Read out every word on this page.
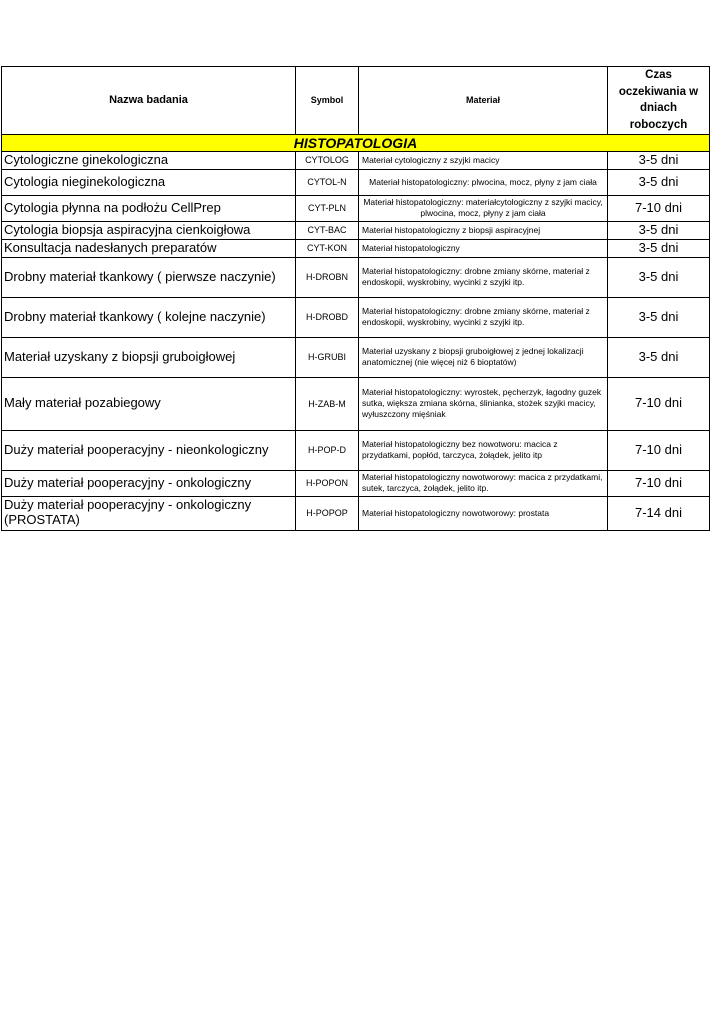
Nazwa badania	Symbol	Materiał	Czas oczekiwania w dniach roboczych
HISTOPATOLOGIA			
Cytologiczne ginekologiczna	CYTOLOG	Materiał cytologiczny z szyjki macicy	3-5 dni
Cytologia nieginekologiczna	CYTOL-N	Materiał histopatologiczny: plwocina, mocz, płyny z jam ciała	3-5 dni
Cytologia płynna na podłożu CellPrep	CYT-PLN	Materiał histopatologiczny: materiałcytologiczny z szyjki macicy, plwocina, mocz, płyny z jam ciała	7-10 dni
Cytologia biopsja aspiracyjna cienkoigłowa	CYT-BAC	Materiał histopatologiczny z biopsji aspiracyjnej	3-5 dni
Konsultacja nadesłanych preparatów	CYT-KON	Materiał histopatologiczny	3-5 dni
Drobny materiał tkankowy ( pierwsze naczynie)	H-DROBN	Materiał histopatologiczny: drobne zmiany skórne, materiał z endoskopii, wyskrobiny, wycinki z szyjki itp.	3-5 dni
Drobny materiał tkankowy ( kolejne naczynie)	H-DROBD	Materiał histopatologiczny: drobne zmiany skórne, materiał z endoskopii, wyskrobiny, wycinki z szyjki itp.	3-5 dni
Materiał uzyskany z biopsji gruboigłowej	H-GRUBI	Materiał uzyskany z biopsji gruboigłowej z jednej lokalizacji anatomicznej (nie więcej niż 6 bioptatów)	3-5 dni
Mały materiał pozabiegowy	H-ZAB-M	Materiał histopatologiczny: wyrostek, pęcherzyk, łagodny guzek sutka, większa zmiana skórna, ślinianka, stożek szyjki macicy, wyłuszczony mięśniak	7-10 dni
Duży materiał pooperacyjny - nieonkologiczny	H-POP-D	Materiał histopatologiczny bez nowotworu: macica z przydatkami, popłód, tarczyca, żołądek, jelito itp	7-10 dni
Duży materiał pooperacyjny - onkologiczny	H-POPON	Materiał histopatologiczny nowotworowy: macica z przydatkami, sutek, tarczyca, żołądek, jelito itp.	7-10 dni
Duży materiał pooperacyjny - onkologiczny (PROSTATA)	H-POPOP	Materiał histopatologiczny nowotworowy: prostata	7-14 dni
